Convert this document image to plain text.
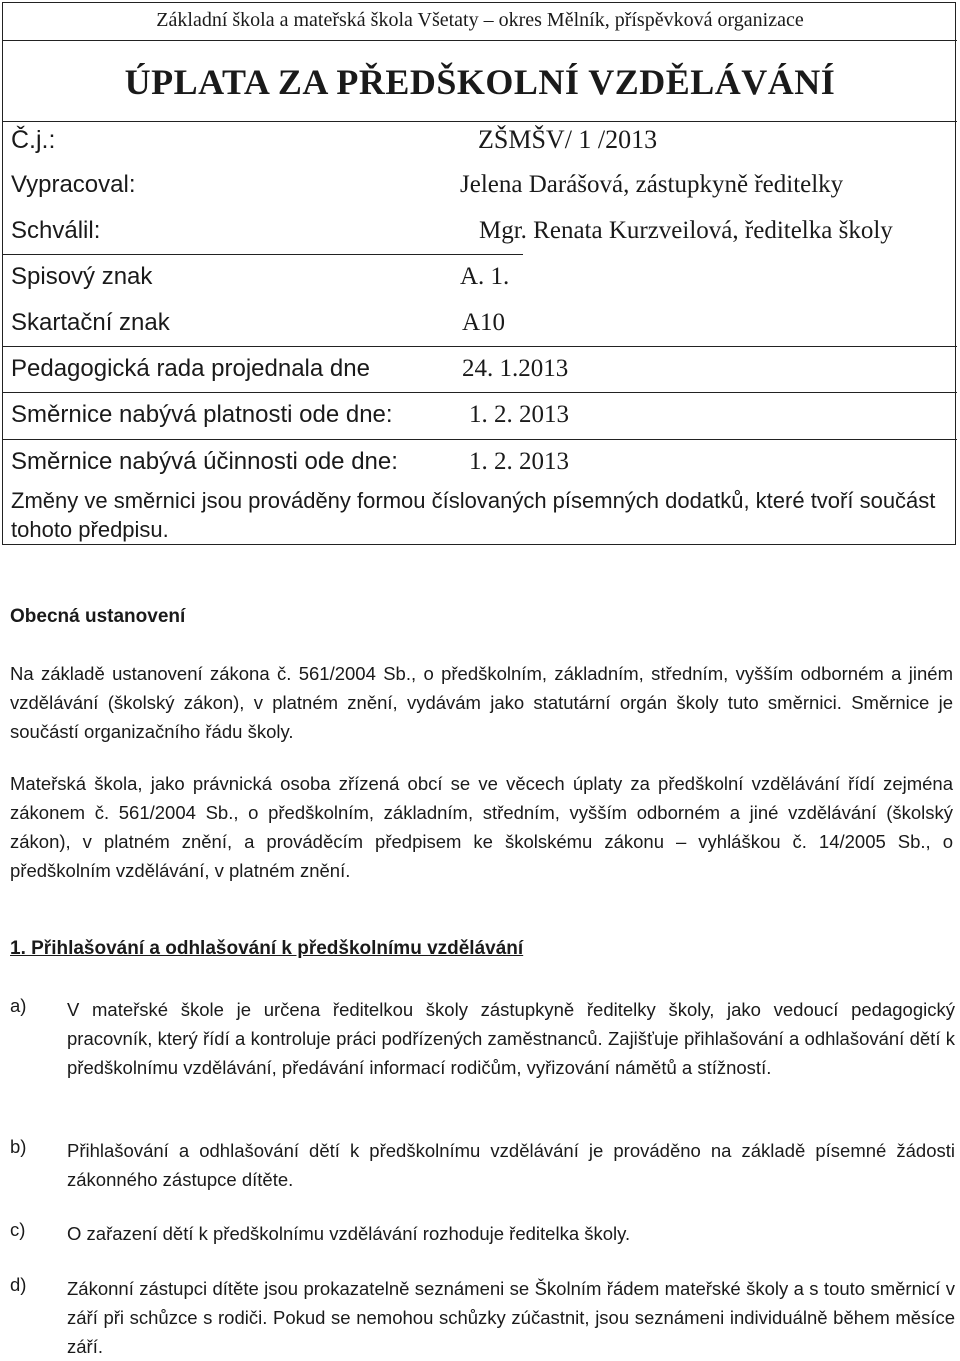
Základní škola a mateřská škola Všetaty – okres Mělník, příspěvková organizace
ÚPLATA ZA PŘEDŠKOLNÍ VZDĚLÁVÁNÍ
Č.j.:	ZŠMŠV/ 1 /2013
Vypracoval:	Jelena Darášová, zástupkyně ředitelky
Schválil:	Mgr. Renata Kurzveilová, ředitelka školy
Spisový znak	A. 1.
Skartační znak	A10
Pedagogická rada projednala dne	24. 1.2013
Směrnice nabývá platnosti ode dne:	1. 2. 2013
Směrnice nabývá účinnosti ode dne:	1. 2. 2013
Změny ve směrnici jsou prováděny formou číslovaných písemných dodatků, které tvoří součást tohoto předpisu.
Obecná ustanovení
Na základě ustanovení zákona č. 561/2004 Sb., o předškolním, základním, středním, vyšším odborném a jiném vzdělávání (školský zákon), v platném znění, vydávám jako statutární orgán školy tuto směrnici. Směrnice je součástí organizačního řádu školy.
Mateřská škola, jako právnická osoba zřízená obcí se ve věcech úplaty za předškolní vzdělávání řídí zejména zákonem č. 561/2004 Sb., o předškolním, základním, středním, vyšším odborném a jiné vzdělávání (školský zákon), v platném znění, a prováděcím předpisem ke školskému zákonu – vyhláškou č. 14/2005 Sb., o předškolním vzdělávání, v platném znění.
1. Přihlašování a odhlašování k předškolnímu vzdělávání
a) V mateřské škole je určena ředitelkou školy zástupkyně ředitelky školy, jako vedoucí pedagogický pracovník, který řídí a kontroluje práci podřízených zaměstnanců. Zajišťuje přihlašování a odhlašování dětí k předškolnímu vzdělávání, předávání informací rodičům, vyřizování námětů a stížností.
b) Přihlašování a odhlašování dětí k předškolnímu vzdělávání je prováděno na základě písemné žádosti zákonného zástupce dítěte.
c) O zařazení dětí k předškolnímu vzdělávání rozhoduje ředitelka školy.
d) Zákonní zástupci dítěte jsou prokazatelně seznámeni se Školním řádem mateřské školy a s touto směrnicí v září při schůzce s rodiči. Pokud se nemohou schůzky zúčastnit, jsou seznámeni individuálně během měsíce září.
